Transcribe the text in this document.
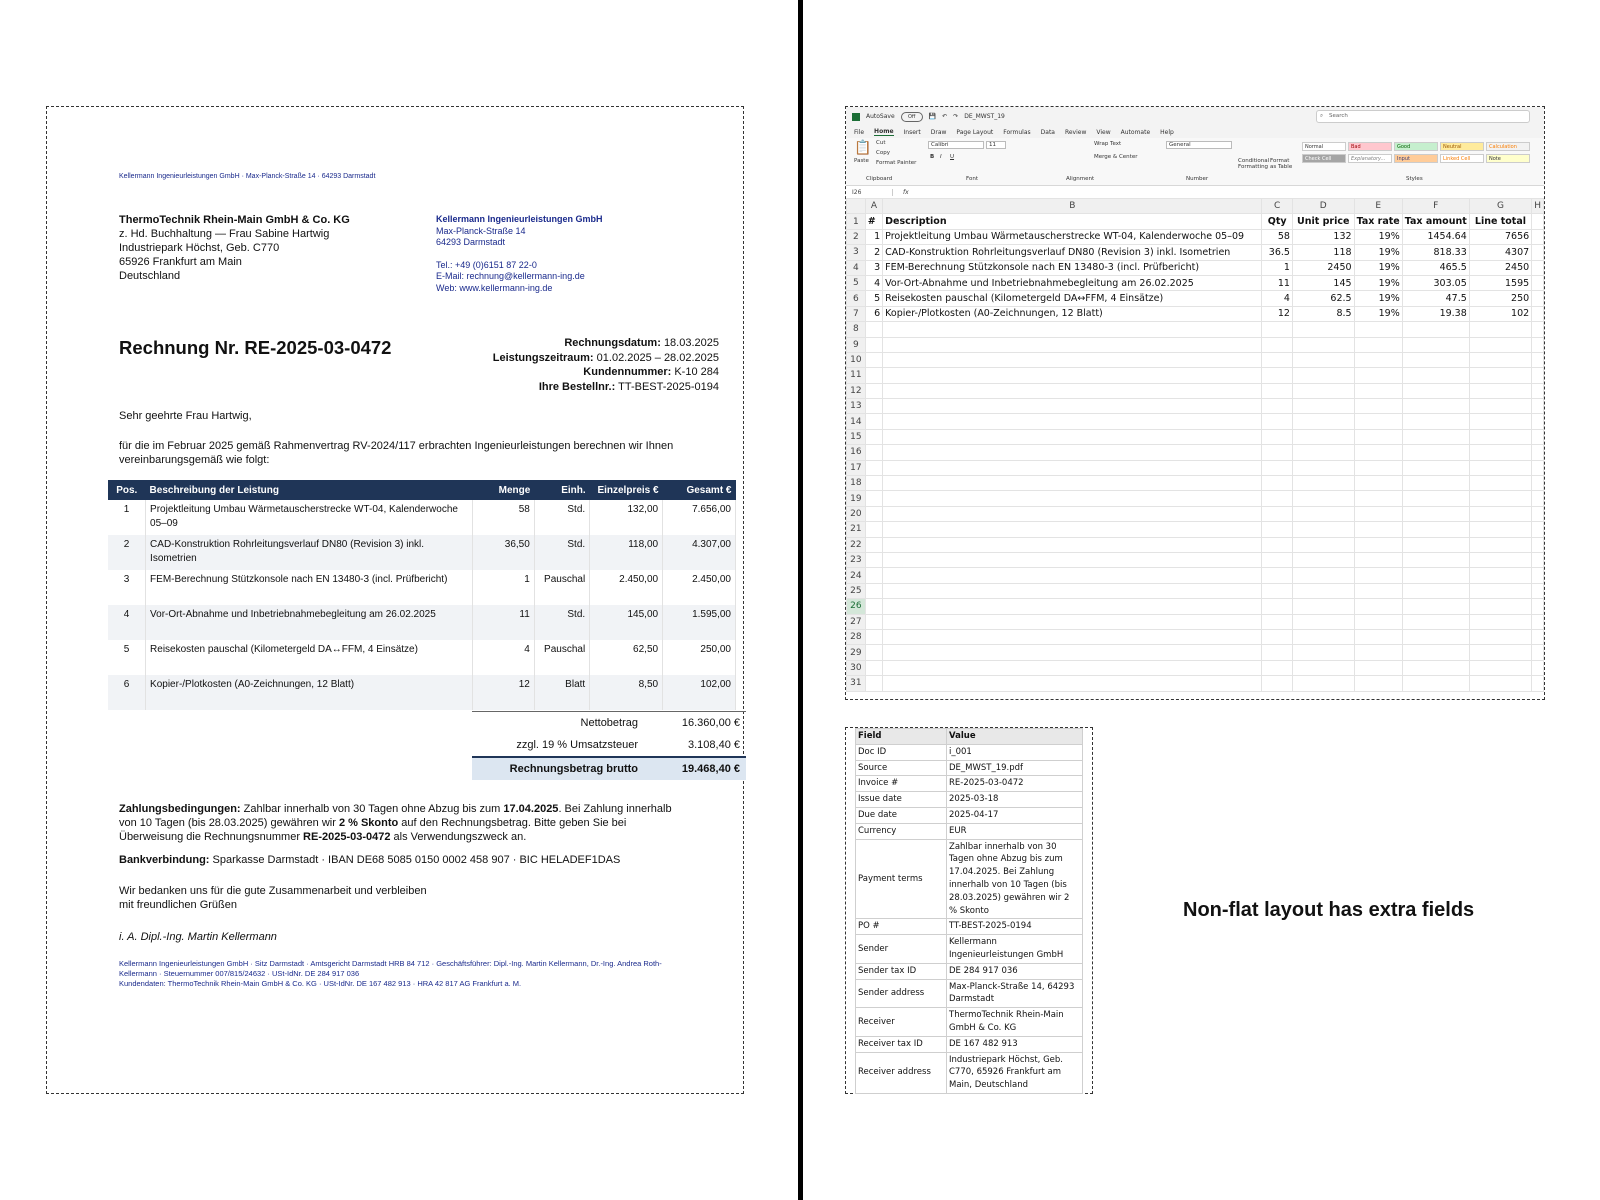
Kellermann Ingenieurleistungen GmbH · Max-Planck-Straße 14 · 64293 Darmstadt
ThermoTechnik Rhein-Main GmbH & Co. KG
z. Hd. Buchhaltung — Frau Sabine Hartwig
Industriepark Höchst, Geb. C770
65926 Frankfurt am Main
Deutschland
Kellermann Ingenieurleistungen GmbH
Max-Planck-Straße 14
64293 Darmstadt
Tel.: +49 (0)6151 87 22-0
E-Mail: rechnung@kellermann-ing.de
Web: www.kellermann-ing.de
Rechnung Nr. RE-2025-03-0472	Rechnungsdatum: 18.03.2025
Leistungszeitraum: 01.02.2025 – 28.02.2025
Kundennummer: K-10 284
Ihre Bestellnr.: TT-BEST-2025-0194
Sehr geehrte Frau Hartwig,
für die im Februar 2025 gemäß Rahmenvertrag RV-2024/117 erbrachten Ingenieurleistungen berechnen wir Ihnen vereinbarungsgemäß wie folgt:
Pos.	Beschreibung der Leistung	Menge	Einh.	Einzelpreis €	Gesamt €
1	Projektleitung Umbau Wärmetauscherstrecke WT-04, Kalenderwoche 05–09	58	Std.	132,00	7.656,00
2	CAD-Konstruktion Rohrleitungsverlauf DN80 (Revision 3) inkl. Isometrien	36,50	Std.	118,00	4.307,00
3	FEM-Berechnung Stützkonsole nach EN 13480-3 (incl. Prüfbericht)	1	Pauschal	2.450,00	2.450,00
4	Vor-Ort-Abnahme und Inbetriebnahmebegleitung am 26.02.2025	11	Std.	145,00	1.595,00
5	Reisekosten pauschal (Kilometergeld DA↔FFM, 4 Einsätze)	4	Pauschal	62,50	250,00
6	Kopier-/Plotkosten (A0-Zeichnungen, 12 Blatt)	12	Blatt	8,50	102,00
Nettobetrag	16.360,00 €
zzgl. 19 % Umsatzsteuer	3.108,40 €
Rechnungsbetrag brutto	19.468,40 €
Zahlungsbedingungen: Zahlbar innerhalb von 30 Tagen ohne Abzug bis zum 17.04.2025. Bei Zahlung innerhalb von 10 Tagen (bis 28.03.2025) gewähren wir 2 % Skonto auf den Rechnungsbetrag. Bitte geben Sie bei Überweisung die Rechnungsnummer RE-2025-03-0472 als Verwendungszweck an.
Bankverbindung: Sparkasse Darmstadt · IBAN DE68 5085 0150 0002 458 907 · BIC HELADEF1DAS
Wir bedanken uns für die gute Zusammenarbeit und verbleiben
mit freundlichen Grüßen
i. A. Dipl.-Ing. Martin Kellermann
Kellermann Ingenieurleistungen GmbH · Sitz Darmstadt · Amtsgericht Darmstadt HRB 84 712 · Geschäftsführer: Dipl.-Ing. Martin Kellermann, Dr.-Ing. Andrea Roth-Kellermann · Steuernummer 007/815/24632 · USt-IdNr. DE 284 917 036
Kundendaten: ThermoTechnik Rhein-Main GmbH & Co. KG · USt-IdNr. DE 167 482 913 · HRA 42 817 AG Frankfurt a. M.
AutoSave	Off	💾 ↶ ↷ DE_MWST_19	⌕ Search
File Home Insert Draw Page Layout Formulas Data Review View Automate Help
📋
Paste
Cut
Copy
Format Painter
Clipboard
Calibri	11
B I U
Font
Wrap Text
Merge & Center
Alignment
General
Number
Conditional Formatting
Format as Table
Normal	Bad	Good	Neutral	Calculation
Check Cell	Explanatory...	Input	Linked Cell	Note
Styles
I26	fx
	A	B	C	D	E	F	G	H
1	#	Description	Qty	Unit price	Tax rate	Tax amount	Line total	
2	1	Projektleitung Umbau Wärmetauscherstrecke WT-04, Kalenderwoche 05–09	58	132	19%	1454.64	7656	
3	2	CAD-Konstruktion Rohrleitungsverlauf DN80 (Revision 3) inkl. Isometrien	36.5	118	19%	818.33	4307	
4	3	FEM-Berechnung Stützkonsole nach EN 13480-3 (incl. Prüfbericht)	1	2450	19%	465.5	2450	
5	4	Vor-Ort-Abnahme und Inbetriebnahmebegleitung am 26.02.2025	11	145	19%	303.05	1595	
6	5	Reisekosten pauschal (Kilometergeld DA↔FFM, 4 Einsätze)	4	62.5	19%	47.5	250	
7	6	Kopier-/Plotkosten (A0-Zeichnungen, 12 Blatt)	12	8.5	19%	19.38	102	
8								
9								
10								
11								
12								
13								
14								
15								
16								
17								
18								
19								
20								
21								
22								
23								
24								
25								
26								
27								
28								
29								
30								
31								
Field	Value
Doc ID	i_001
Source	DE_MWST_19.pdf
Invoice #	RE-2025-03-0472
Issue date	2025-03-18
Due date	2025-04-17
Currency	EUR
Payment terms	Zahlbar innerhalb von 30 Tagen ohne Abzug bis zum 17.04.2025. Bei Zahlung innerhalb von 10 Tagen (bis 28.03.2025) gewähren wir 2 % Skonto
PO #	TT-BEST-2025-0194
Sender	Kellermann Ingenieurleistungen GmbH
Sender tax ID	DE 284 917 036
Sender address	Max-Planck-Straße 14, 64293 Darmstadt
Receiver	ThermoTechnik Rhein-Main GmbH & Co. KG
Receiver tax ID	DE 167 482 913
Receiver address	Industriepark Höchst, Geb. C770, 65926 Frankfurt am Main, Deutschland
Non-flat layout has extra fields
